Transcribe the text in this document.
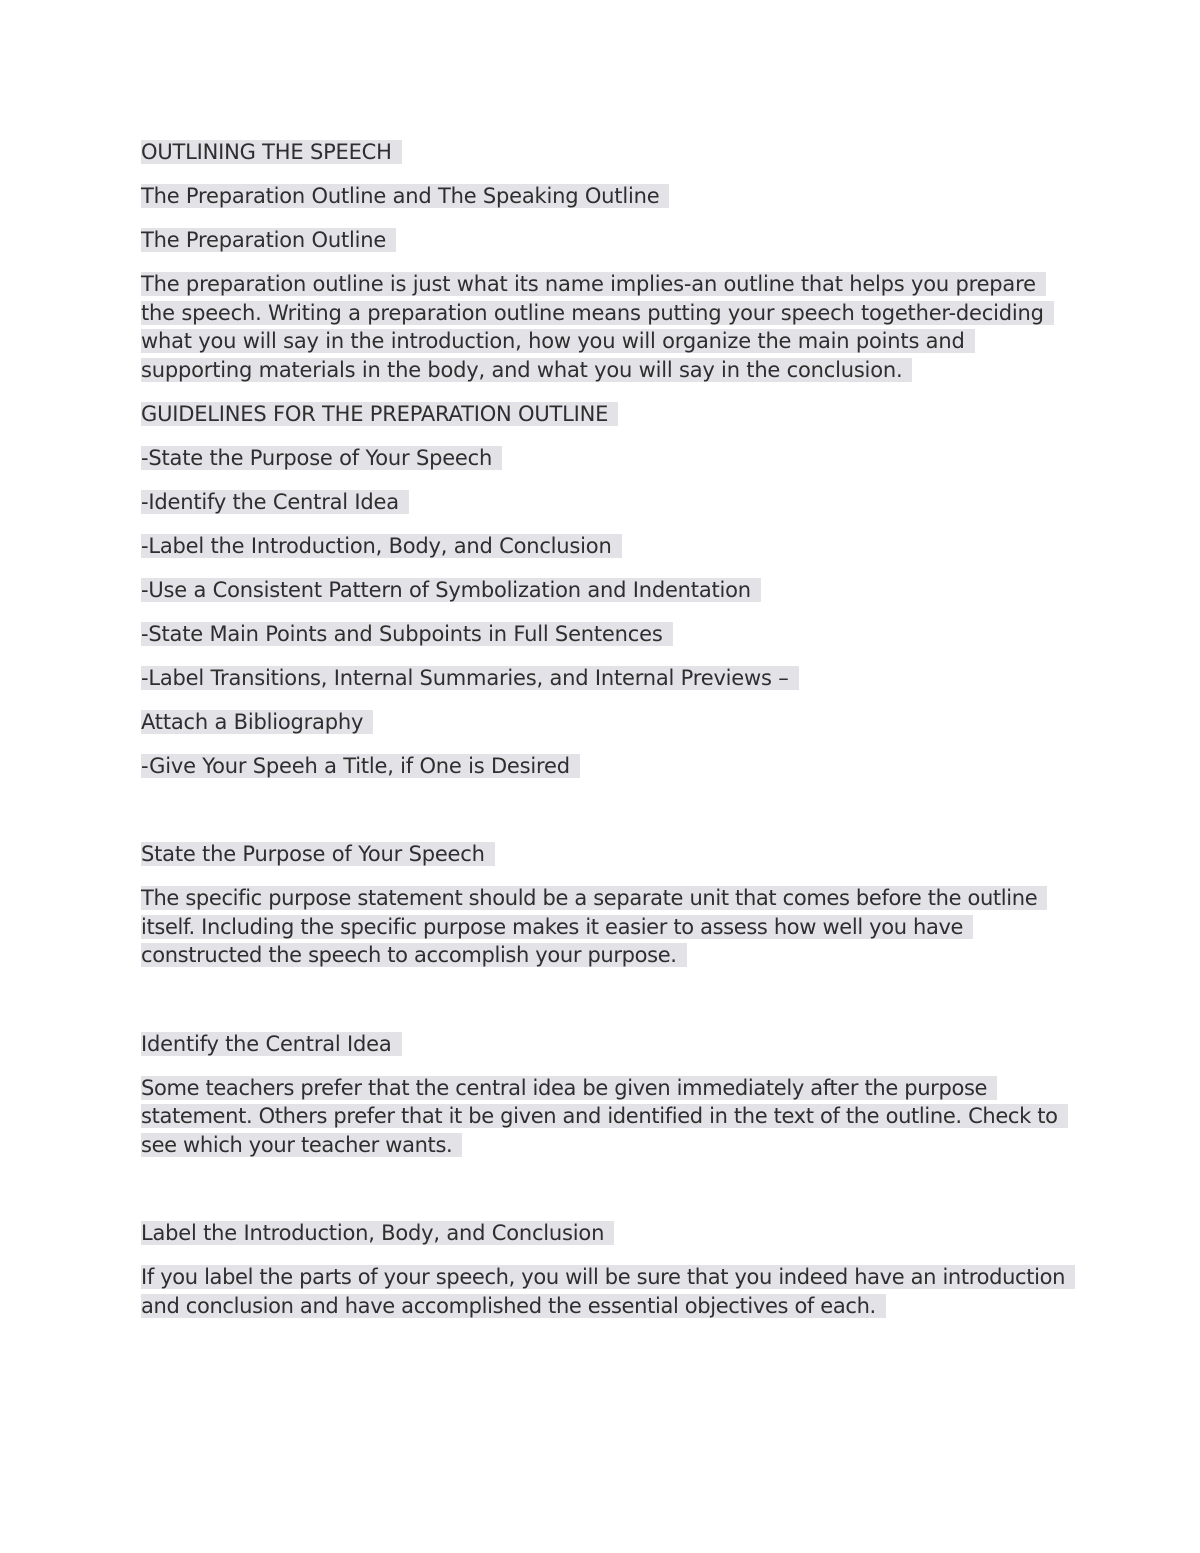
OUTLINING THE SPEECH

The Preparation Outline and The Speaking Outline

The Preparation Outline

The preparation outline is just what its name implies-an outline that helps you prepare the speech. Writing a preparation outline means putting your speech together-deciding what you will say in the introduction, how you will organize the main points and supporting materials in the body, and what you will say in the conclusion.

GUIDELINES FOR THE PREPARATION OUTLINE

-State the Purpose of Your Speech

-Identify the Central Idea

-Label the Introduction, Body, and Conclusion

-Use a Consistent Pattern of Symbolization and Indentation

-State Main Points and Subpoints in Full Sentences

-Label Transitions, Internal Summaries, and Internal Previews –

Attach a Bibliography

-Give Your Speeh a Title, if One is Desired

State the Purpose of Your Speech

The specific purpose statement should be a separate unit that comes before the outline itself. Including the specific purpose makes it easier to assess how well you have constructed the speech to accomplish your purpose.

Identify the Central Idea

Some teachers prefer that the central idea be given immediately after the purpose statement. Others prefer that it be given and identified in the text of the outline. Check to see which your teacher wants.

Label the Introduction, Body, and Conclusion

If you label the parts of your speech, you will be sure that you indeed have an introduction and conclusion and have accomplished the essential objectives of each.
